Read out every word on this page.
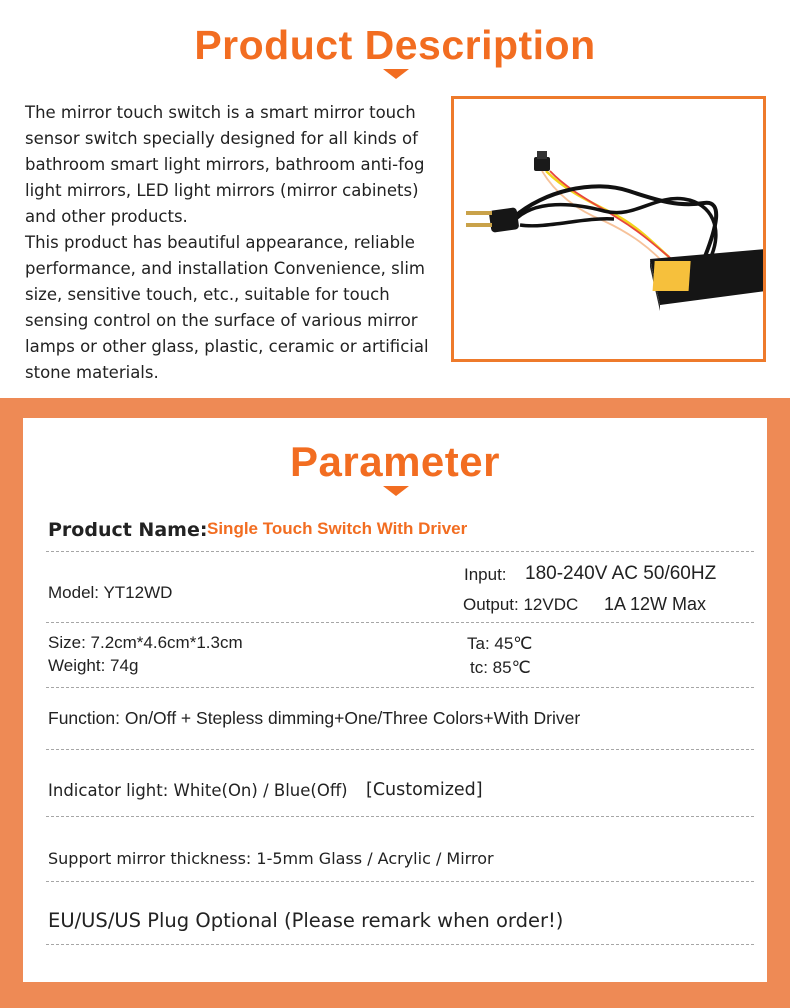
Product Description

The mirror touch switch is a smart mirror touch
sensor switch specially designed for all kinds of
bathroom smart light mirrors, bathroom anti-fog
light mirrors, LED light mirrors (mirror cabinets)
and other products.

This product has beautiful appearance, reliable
performance, and installation Convenience, slim
size, sensitive touch, etc., suitable for touch
sensing control on the surface of various mirror
lamps or other glass, plastic, ceramic or artificial
stone materials.

Parameter
Product Name: Single Touch Switch With Driver
Model: YT12WD
Input: 180-240V AC 50/60HZ
Output: 12VDC 1A 12W Max
Size: 7.2cm*4.6cm*1.3cm
Weight: 74g
Ta: 45℃
tc: 85℃
Function: On/Off + Stepless dimming+One/Three Colors+With Driver
Indicator light: White(On) / Blue(Off) [Customized]
Support mirror thickness: 1-5mm Glass / Acrylic / Mirror
EU/US/US Plug Optional (Please remark when order!)
